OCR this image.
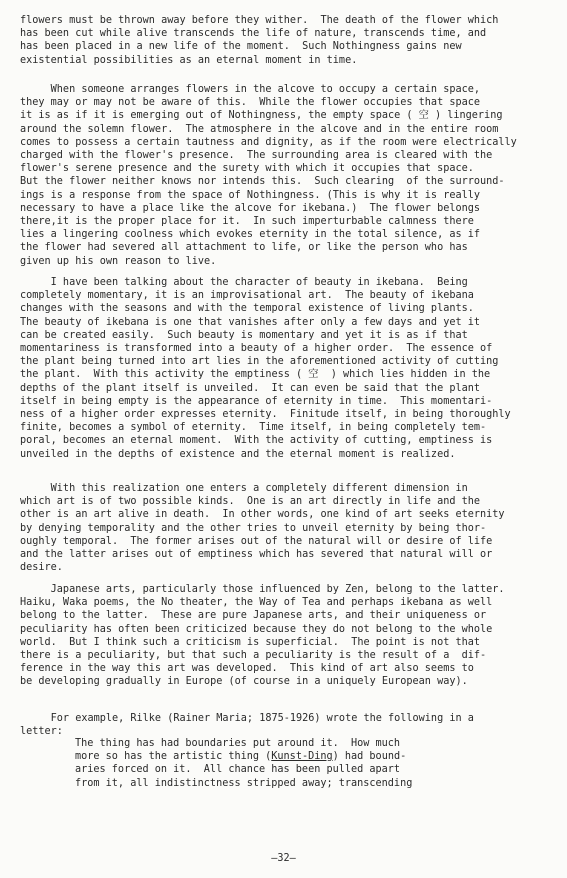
flowers must be thrown away before they wither.  The death of the flower which
has been cut while alive transcends the life of nature, transcends time, and
has been placed in a new life of the moment.  Such Nothingness gains new
existential possibilities as an eternal moment in time.
When someone arranges flowers in the alcove to occupy a certain space,
they may or may not be aware of this.  While the flower occupies that space
it is as if it is emerging out of Nothingness, the empty space ( 空 ) lingering
around the solemn flower.  The atmosphere in the alcove and in the entire room
comes to possess a certain tautness and dignity, as if the room were electrically
charged with the flower's presence.  The surrounding area is cleared with the
flower's serene presence and the surety with which it occupies that space.
But the flower neither knows nor intends this.  Such clearing  of the surround-
ings is a response from the space of Nothingness. (This is why it is really
necessary to have a place like the alcove for ikebana.)  The flower belongs
there,it is the proper place for it.  In such imperturbable calmness there
lies a lingering coolness which evokes eternity in the total silence, as if
the flower had severed all attachment to life, or like the person who has
given up his own reason to live.
I have been talking about the character of beauty in ikebana.  Being
completely momentary, it is an improvisational art.  The beauty of ikebana
changes with the seasons and with the temporal existence of living plants.
The beauty of ikebana is one that vanishes after only a few days and yet it
can be created easily.  Such beauty is momentary and yet it is as if that
momentariness is transformed into a beauty of a higher order.  The essence of
the plant being turned into art lies in the aforementioned activity of cutting
the plant.  With this activity the emptiness ( 空  ) which lies hidden in the
depths of the plant itself is unveiled.  It can even be said that the plant
itself in being empty is the appearance of eternity in time.  This momentari-
ness of a higher order expresses eternity.  Finitude itself, in being thoroughly
finite, becomes a symbol of eternity.  Time itself, in being completely tem-
poral, becomes an eternal moment.  With the activity of cutting, emptiness is
unveiled in the depths of existence and the eternal moment is realized.
With this realization one enters a completely different dimension in
which art is of two possible kinds.  One is an art directly in life and the
other is an art alive in death.  In other words, one kind of art seeks eternity
by denying temporality and the other tries to unveil eternity by being thor-
oughly temporal.  The former arises out of the natural will or desire of life
and the latter arises out of emptiness which has severed that natural will or
desire.
Japanese arts, particularly those influenced by Zen, belong to the latter.
Haiku, Waka poems, the No theater, the Way of Tea and perhaps ikebana as well
belong to the latter.  These are pure Japanese arts, and their uniqueness or
peculiarity has often been criticized because they do not belong to the whole
world.  But I think such a criticism is superficial.  The point is not that
there is a peculiarity, but that such a peculiarity is the result of a  dif-
ference in the way this art was developed.  This kind of art also seems to
be developing gradually in Europe (of course in a uniquely European way).
For example, Rilke (Rainer Maria; 1875-1926) wrote the following in a
letter:
The thing has had boundaries put around it.  How much
more so has the artistic thing (Kunst-Ding) had bound-
aries forced on it.  All chance has been pulled apart
from it, all indistinctness stripped away; transcending
—32—
